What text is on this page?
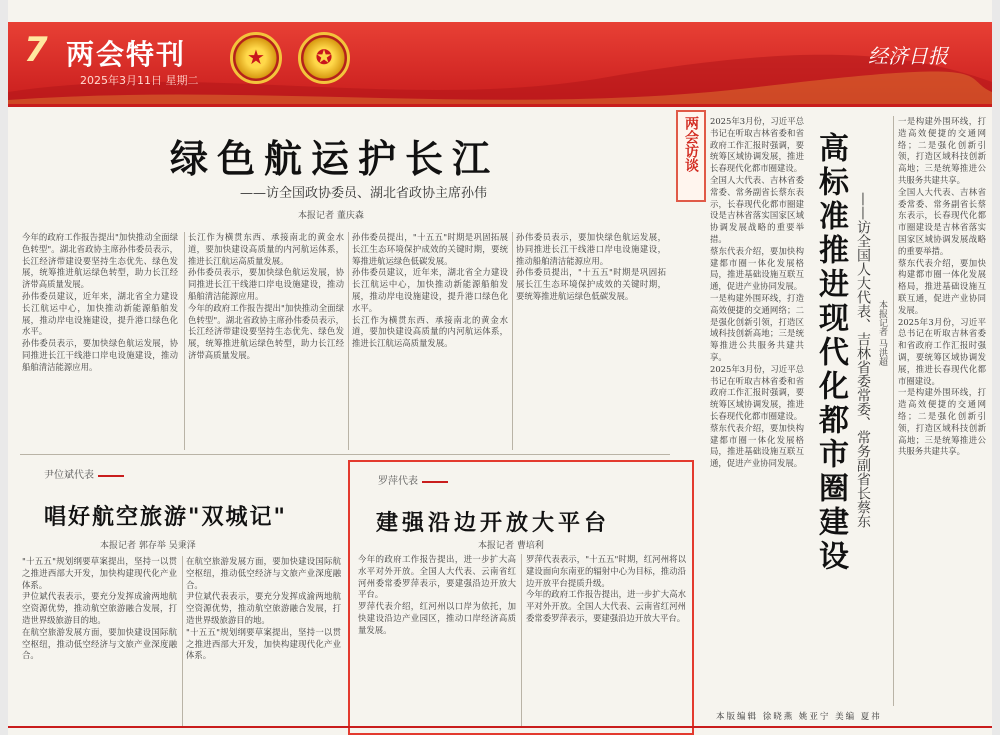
7 两会特刊
2025年3月11日 星期二
★	✪	经济日报
绿色航运护长江
——访全国政协委员、湖北省政协主席孙伟
本报记者 董庆森

今年的政府工作报告提出"加快推动全面绿色转型"。湖北省政协主席孙伟委员表示，长江经济带建设要坚持生态优先、绿色发展，统筹推进航运绿色转型，助力长江经济带高质量发展。

孙伟委员建议，近年来，湖北省全力建设长江航运中心，加快推动新能源船舶发展，推动岸电设施建设，提升港口绿色化水平。

孙伟委员表示，要加快绿色航运发展，协同推进长江干线港口岸电设施建设，推动船舶清洁能源应用。

长江作为横贯东西、承接南北的黄金水道，要加快建设高质量的内河航运体系，推进长江航运高质量发展。

孙伟委员表示，要加快绿色航运发展，协同推进长江干线港口岸电设施建设，推动船舶清洁能源应用。

今年的政府工作报告提出"加快推动全面绿色转型"。湖北省政协主席孙伟委员表示，长江经济带建设要坚持生态优先、绿色发展，统筹推进航运绿色转型，助力长江经济带高质量发展。

孙伟委员提出，"十五五"时期是巩固拓展长江生态环境保护成效的关键时期，要统筹推进航运绿色低碳发展。

孙伟委员建议，近年来，湖北省全力建设长江航运中心，加快推动新能源船舶发展，推动岸电设施建设，提升港口绿色化水平。

长江作为横贯东西、承接南北的黄金水道，要加快建设高质量的内河航运体系，推进长江航运高质量发展。

孙伟委员表示，要加快绿色航运发展，协同推进长江干线港口岸电设施建设，推动船舶清洁能源应用。

孙伟委员提出，"十五五"时期是巩固拓展长江生态环境保护成效的关键时期，要统筹推进航运绿色低碳发展。

两会访谈 2025年3月份，习近平总书记在听取吉林省委和省政府工作汇报时强调，要统筹区域协调发展，推进长春现代化都市圈建设。

全国人大代表、吉林省委常委、常务副省长蔡东表示，长春现代化都市圈建设是吉林省落实国家区域协调发展战略的重要举措。

蔡东代表介绍，要加快构建都市圈一体化发展格局，推进基础设施互联互通，促进产业协同发展。

一是构建外围环线，打造高效便捷的交通网络；二是强化创新引领，打造区域科技创新高地；三是统筹推进公共服务共建共享。

2025年3月份，习近平总书记在听取吉林省委和省政府工作汇报时强调，要统筹区域协调发展，推进长春现代化都市圈建设。

蔡东代表介绍，要加快构建都市圈一体化发展格局，推进基础设施互联互通，促进产业协同发展。 高标准推进现代化都市圈建设 ——访全国人大代表、吉林省委常委、常务副省长蔡东 本报记者 马洪超

一是构建外围环线，打造高效便捷的交通网络；二是强化创新引领，打造区域科技创新高地；三是统筹推进公共服务共建共享。

全国人大代表、吉林省委常委、常务副省长蔡东表示，长春现代化都市圈建设是吉林省落实国家区域协调发展战略的重要举措。

蔡东代表介绍，要加快构建都市圈一体化发展格局，推进基础设施互联互通，促进产业协同发展。

2025年3月份，习近平总书记在听取吉林省委和省政府工作汇报时强调，要统筹区域协调发展，推进长春现代化都市圈建设。

一是构建外围环线，打造高效便捷的交通网络；二是强化创新引领，打造区域科技创新高地；三是统筹推进公共服务共建共享。

尹位斌代表
唱好航空旅游"双城记"
本报记者 郭存举 吴秉泽

"十五五"规划纲要草案提出，坚持一以贯之推进西部大开发，加快构建现代化产业体系。

尹位斌代表表示，要充分发挥成渝两地航空资源优势，推动航空旅游融合发展，打造世界级旅游目的地。

在航空旅游发展方面，要加快建设国际航空枢纽，推动低空经济与文旅产业深度融合。

在航空旅游发展方面，要加快建设国际航空枢纽，推动低空经济与文旅产业深度融合。

尹位斌代表表示，要充分发挥成渝两地航空资源优势，推动航空旅游融合发展，打造世界级旅游目的地。

"十五五"规划纲要草案提出，坚持一以贯之推进西部大开发，加快构建现代化产业体系。

罗萍代表
建强沿边开放大平台
本报记者 曹培利

今年的政府工作报告提出，进一步扩大高水平对外开放。全国人大代表、云南省红河州委常委罗萍表示，要建强沿边开放大平台。

罗萍代表介绍，红河州以口岸为依托，加快建设沿边产业园区，推动口岸经济高质量发展。

罗萍代表表示，"十五五"时期，红河州将以建设面向东南亚的辐射中心为目标，推动沿边开放平台提质升级。

今年的政府工作报告提出，进一步扩大高水平对外开放。全国人大代表、云南省红河州委常委罗萍表示，要建强沿边开放大平台。

本版编辑 徐晓燕 姚亚宁 美编 夏祎
